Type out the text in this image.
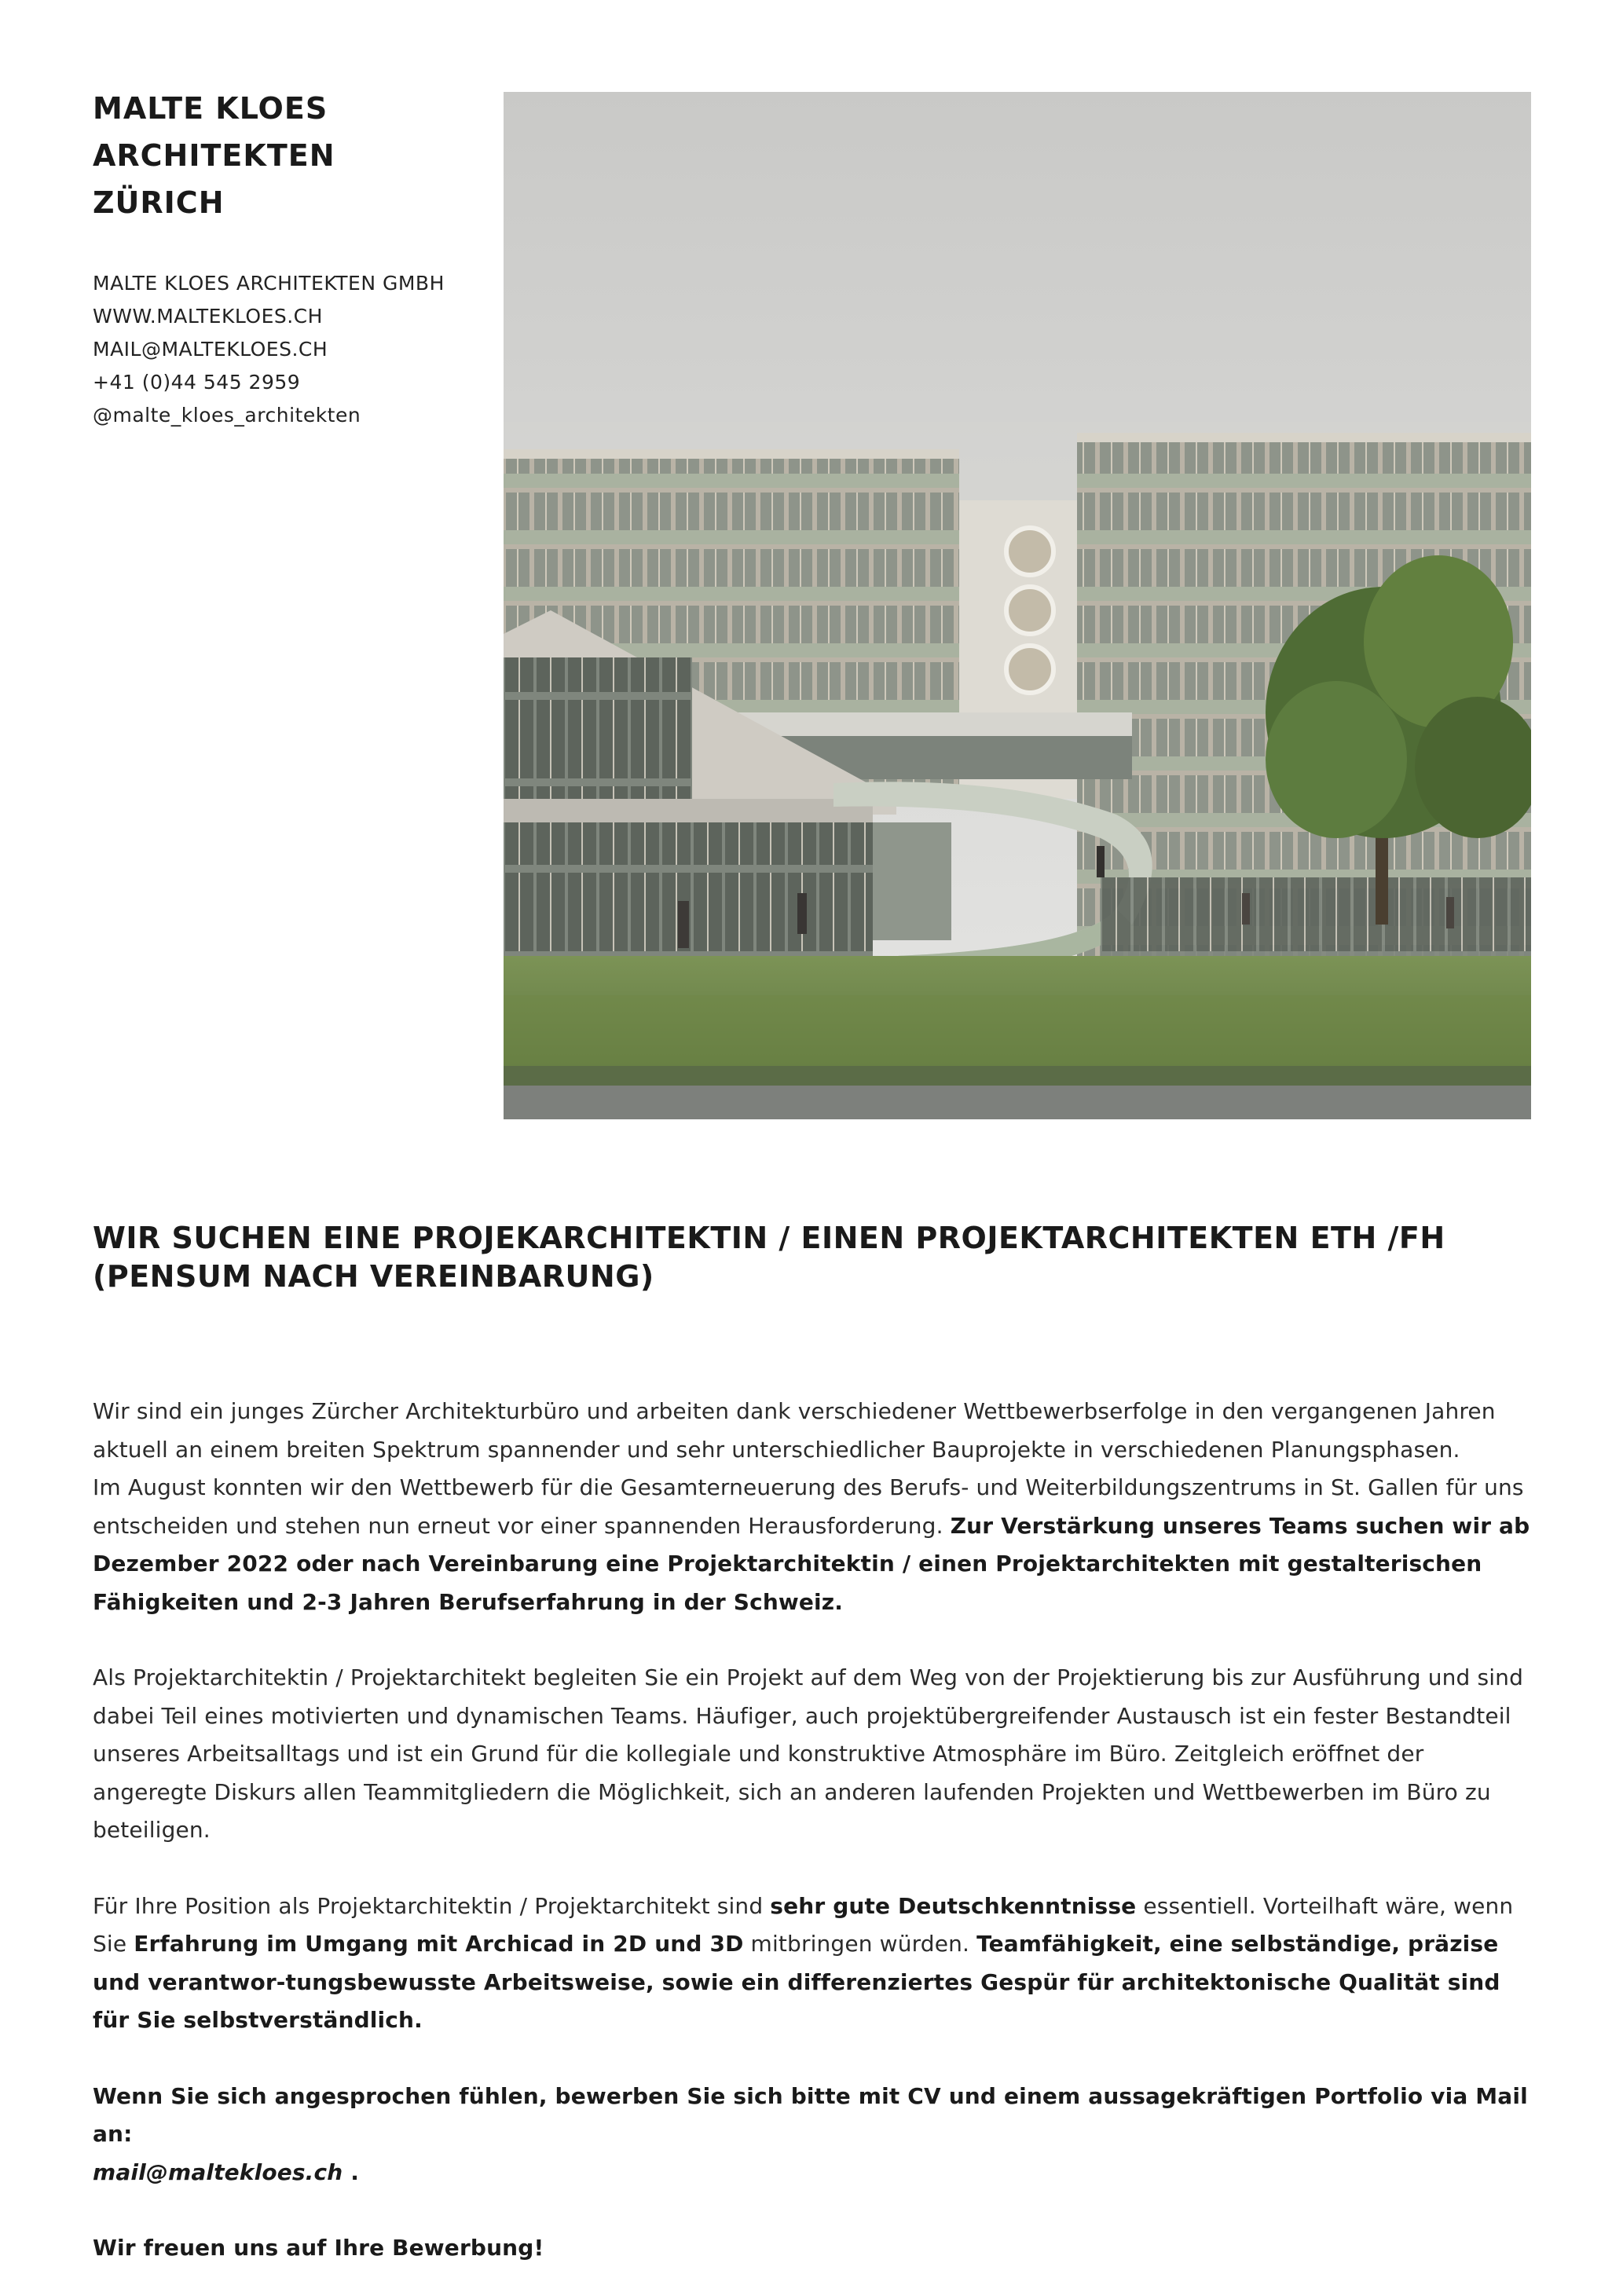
MALTE KLOES
ARCHITEKTEN
ZÜRICH
MALTE KLOES ARCHITEKTEN GMBH
WWW.MALTEKLOES.CH
MAIL@MALTEKLOES.CH
+41 (0)44 545 2959
@malte_kloes_architekten
WIR SUCHEN EINE PROJEKARCHITEKTIN / EINEN PROJEKTARCHITEKTEN ETH /FH
(PENSUM NACH VEREINBARUNG)

Wir sind ein junges Zürcher Architekturbüro und arbeiten dank verschiedener Wettbewerbserfolge in den vergangenen Jahren aktuell an einem breiten Spektrum spannender und sehr unterschiedlicher Bauprojekte in verschiedenen Planungsphasen.
Im August konnten wir den Wettbewerb für die Gesamterneuerung des Berufs- und Weiterbildungszentrums in St. Gallen für uns entscheiden und stehen nun erneut vor einer spannenden Herausforderung. Zur Verstärkung unseres Teams suchen wir ab Dezember 2022 oder nach Vereinbarung eine Projektarchitektin / einen Projektarchitekten mit gestalterischen Fähigkeiten und 2-3 Jahren Berufserfahrung in der Schweiz.

Als Projektarchitektin / Projektarchitekt begleiten Sie ein Projekt auf dem Weg von der Projektierung bis zur Ausführung und sind dabei Teil eines motivierten und dynamischen Teams. Häufiger, auch projektübergreifender Austausch ist ein fester Bestandteil unseres Arbeitsalltags und ist ein Grund für die kollegiale und konstruktive Atmosphäre im Büro. Zeitgleich eröffnet der angeregte Diskurs allen Teammitgliedern die Möglichkeit, sich an anderen laufenden Projekten und Wettbewerben im Büro zu beteiligen.

Für Ihre Position als Projektarchitektin / Projektarchitekt sind sehr gute Deutschkenntnisse essentiell. Vorteilhaft wäre, wenn Sie Erfahrung im Umgang mit Archicad in 2D und 3D mitbringen würden. Teamfähigkeit, eine selbständige, präzise und verantwor-tungsbewusste Arbeitsweise, sowie ein differenziertes Gespür für architektonische Qualität sind für Sie selbstverständlich.

Wenn Sie sich angesprochen fühlen, bewerben Sie sich bitte mit CV und einem aussagekräftigen Portfolio via Mail an:
mail@maltekloes.ch .

Wir freuen uns auf Ihre Bewerbung!
